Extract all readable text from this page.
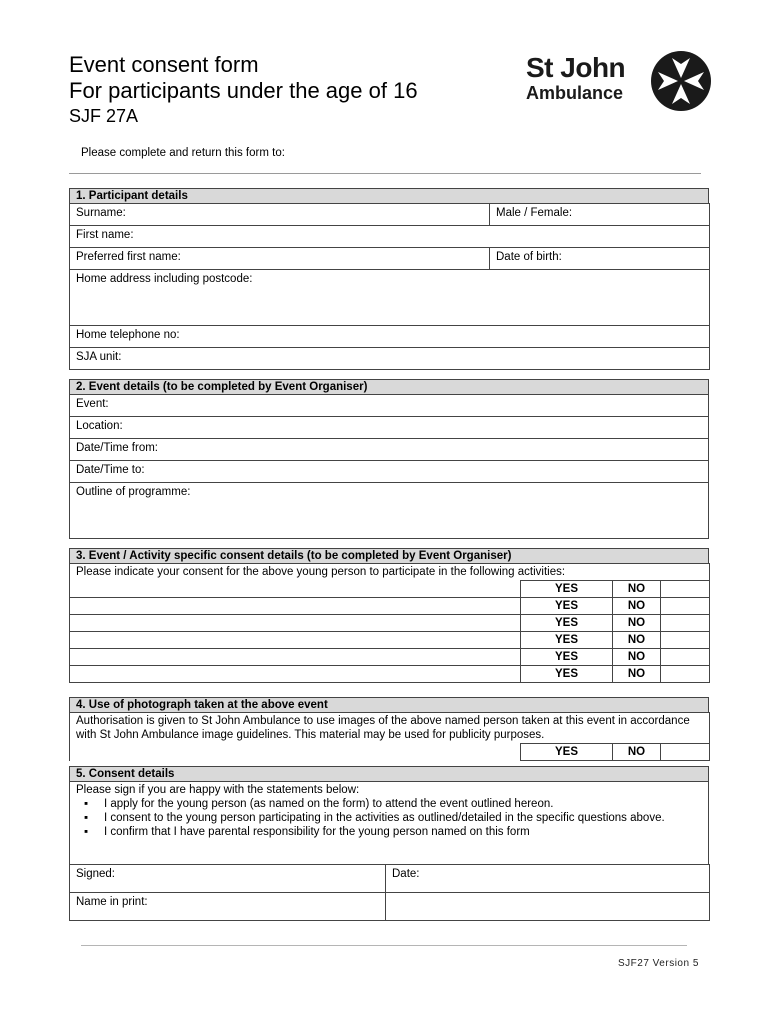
Event consent form
For participants under the age of 16
SJF 27A
St John
Ambulance
Please complete and return this form to:
1. Participant details
Surname:	Male / Female:
First name:	
Preferred first name:	Date of birth:
Home address including postcode:	
Home telephone no:	
SJA unit:	
2. Event details (to be completed by Event Organiser)
Event:
Location:
Date/Time from:
Date/Time to:
Outline of programme:
3. Event / Activity specific consent details (to be completed by Event Organiser)
Please indicate your consent for the above young person to participate in the following activities:			
	YES	NO	
	YES	NO	
	YES	NO	
	YES	NO	
	YES	NO	
	YES	NO	
4. Use of photograph taken at the above event
Authorisation is given to St John Ambulance to use images of the above named person taken at this event in accordance with St John Ambulance image guidelines. This material may be used for publicity purposes.
	YES	NO	
5. Consent details
Please sign if you are happy with the statements below:
▪ I apply for the young person (as named on the form) to attend the event outlined hereon.
▪ I consent to the young person participating in the activities as outlined/detailed in the specific questions above.
▪ I confirm that I have parental responsibility for the young person named on this form
Signed:	Date:
Name in print:	
SJF27 Version 5
